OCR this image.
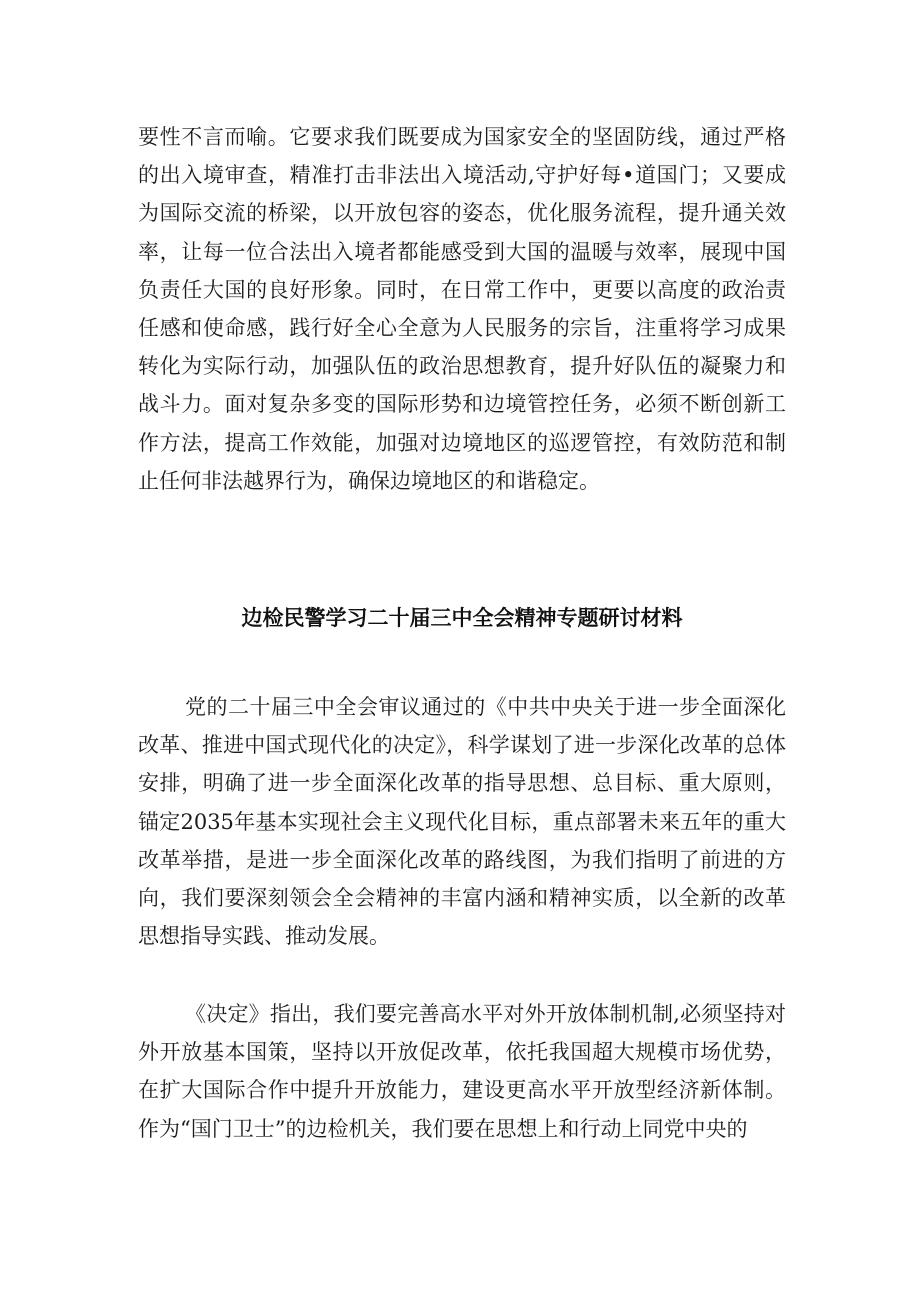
要性不言而喻。它要求我们既要成为国家安全的坚固防线，通过严格的出入境审查，精准打击非法出入境活动,守护好每•道国门；又要成为国际交流的桥梁，以开放包容的姿态，优化服务流程，提升通关效率，让每一位合法出入境者都能感受到大国的温暖与效率，展现中国负责任大国的良好形象。同时，在日常工作中，更要以高度的政治责任感和使命感，践行好全心全意为人民服务的宗旨，注重将学习成果转化为实际行动，加强队伍的政治思想教育，提升好队伍的凝聚力和战斗力。面对复杂多变的国际形势和边境管控任务，必须不断创新工作方法，提高工作效能，加强对边境地区的巡逻管控，有效防范和制止任何非法越界行为，确保边境地区的和谐稳定。

边检民警学习二十届三中全会精神专题研讨材料

党的二十届三中全会审议通过的《中共中央关于进一步全面深化改革、推进中国式现代化的决定》，科学谋划了进一步深化改革的总体安排，明确了进一步全面深化改革的指导思想、总目标、重大原则，锚定2035年基本实现社会主义现代化目标，重点部署未来五年的重大改革举措，是进一步全面深化改革的路线图，为我们指明了前进的方向，我们要深刻领会全会精神的丰富内涵和精神实质，以全新的改革思想指导实践、推动发展。

《决定》指出，我们要完善高水平对外开放体制机制,必须坚持对外开放基本国策，坚持以开放促改革，依托我国超大规模市场优势，在扩大国际合作中提升开放能力，建设更高水平开放型经济新体制。作为“国门卫士”的边检机关，我们要在思想上和行动上同党中央的
